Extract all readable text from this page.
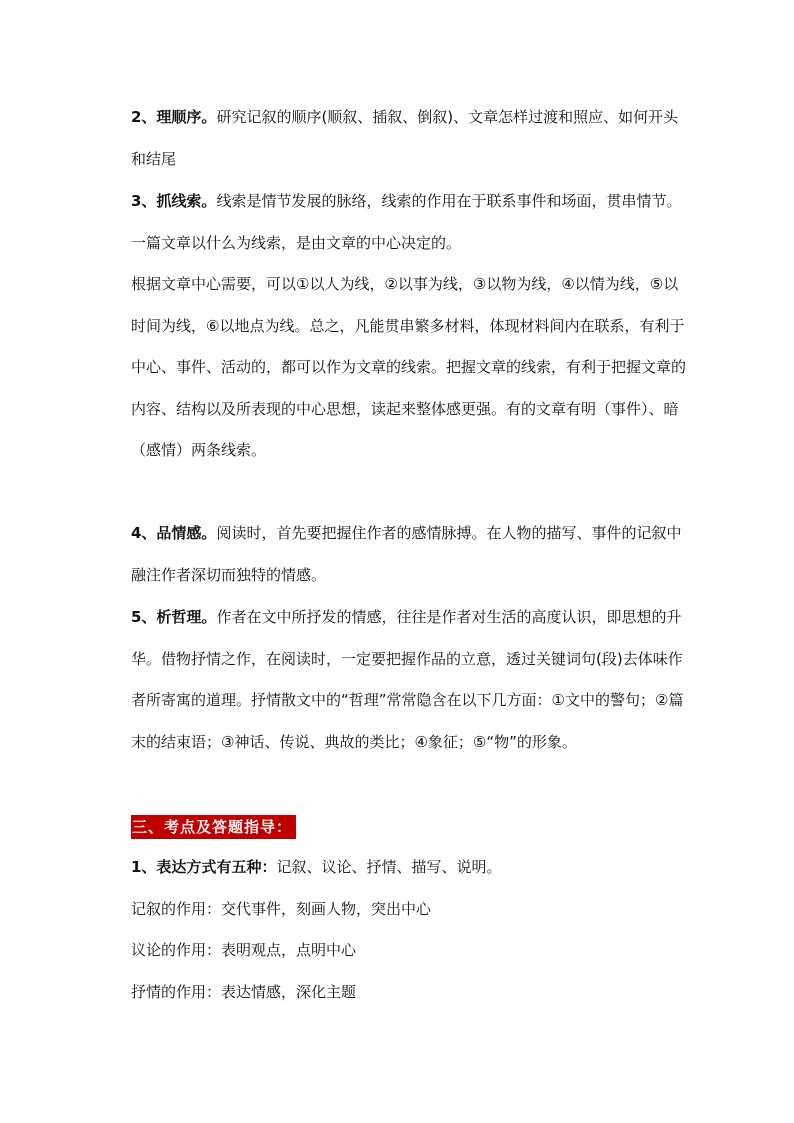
2、理顺序。研究记叙的顺序(顺叙、插叙、倒叙)、文章怎样过渡和照应、如何开头和结尾

3、抓线索。线索是情节发展的脉络，线索的作用在于联系事件和场面，贯串情节。一篇文章以什么为线索，是由文章的中心决定的。

根据文章中心需要，可以①以人为线，②以事为线，③以物为线，④以情为线，⑤以时间为线，⑥以地点为线。总之，凡能贯串繁多材料，体现材料间内在联系，有利于中心、事件、活动的，都可以作为文章的线索。把握文章的线索，有利于把握文章的内容、结构以及所表现的中心思想，读起来整体感更强。有的文章有明（事件）、暗（感情）两条线索。

4、品情感。阅读时，首先要把握住作者的感情脉搏。在人物的描写、事件的记叙中融注作者深切而独特的情感。

5、析哲理。作者在文中所抒发的情感，往往是作者对生活的高度认识，即思想的升华。借物抒情之作，在阅读时，一定要把握作品的立意，透过关键词句(段)去体味作者所寄寓的道理。抒情散文中的“哲理”常常隐含在以下几方面：①文中的警句；②篇末的结束语；③神话、传说、典故的类比；④象征；⑤“物”的形象。

三、考点及答题指导：

1、表达方式有五种：记叙、议论、抒情、描写、说明。

记叙的作用：交代事件，刻画人物，突出中心

议论的作用：表明观点，点明中心

抒情的作用：表达情感，深化主题
